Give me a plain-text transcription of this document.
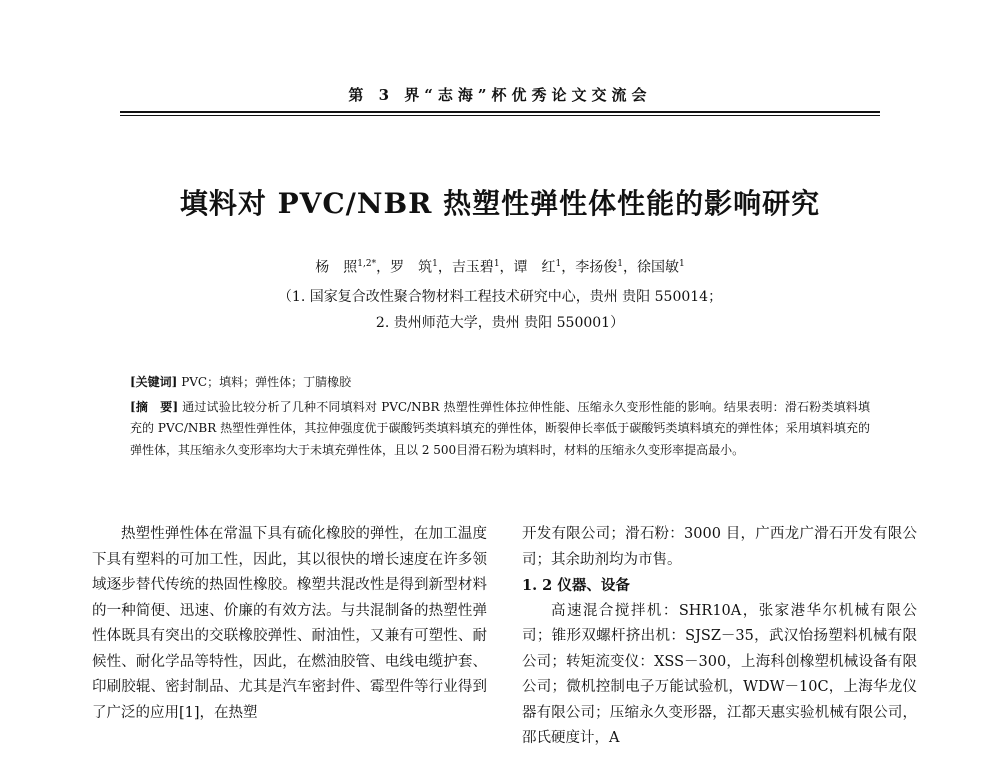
第 3 界“志海”杯优秀论文交流会
填料对 PVC/NBR 热塑性弹性体性能的影响研究
杨　照$^{1,2*}$，罗　筑$^1$，吉玉碧$^1$，谭　红$^1$，李扬俊$^1$，徐国敏$^1$
（1. 国家复合改性聚合物材料工程技术研究中心，贵州 贵阳 550014；
2. 贵州师范大学，贵州 贵阳 550001）

[关键词] PVC；填料；弹性体；丁腈橡胶

[摘　要] 通过试验比较分析了几种不同填料对 PVC/NBR 热塑性弹性体拉伸性能、压缩永久变形性能的影响。结果表明：滑石粉类填料填充的 PVC/NBR 热塑性弹性体，其拉伸强度优于碳酸钙类填料填充的弹性体，断裂伸长率低于碳酸钙类填料填充的弹性体；采用填料填充的弹性体，其压缩永久变形率均大于未填充弹性体，且以 2 500目滑石粉为填料时，材料的压缩永久变形率提高最小。

热塑性弹性体在常温下具有硫化橡胶的弹性，在加工温度下具有塑料的可加工性，因此，其以很快的增长速度在许多领域逐步替代传统的热固性橡胶。橡塑共混改性是得到新型材料的一种简便、迅速、价廉的有效方法。与共混制备的热塑性弹性体既具有突出的交联橡胶弹性、耐油性，又兼有可塑性、耐候性、耐化学品等特性，因此，在燃油胶管、电线电缆护套、印刷胶辊、密封制品、尤其是汽车密封件、霉型件等行业得到了广泛的应用[1]，在热塑

开发有限公司；滑石粉：3000 目，广西龙广滑石开发有限公司；其余助剂均为市售。

1. 2 仪器、设备

高速混合搅拌机：SHR10A，张家港华尔机械有限公司；锥形双螺杆挤出机：SJSZ－35，武汉怡扬塑料机械有限公司；转矩流变仪：XSS－300，上海科创橡塑机械设备有限公司；微机控制电子万能试验机，WDW－10C，上海华龙仪器有限公司；压缩永久变形器，江都天惠实验机械有限公司，邵氏硬度计，A
